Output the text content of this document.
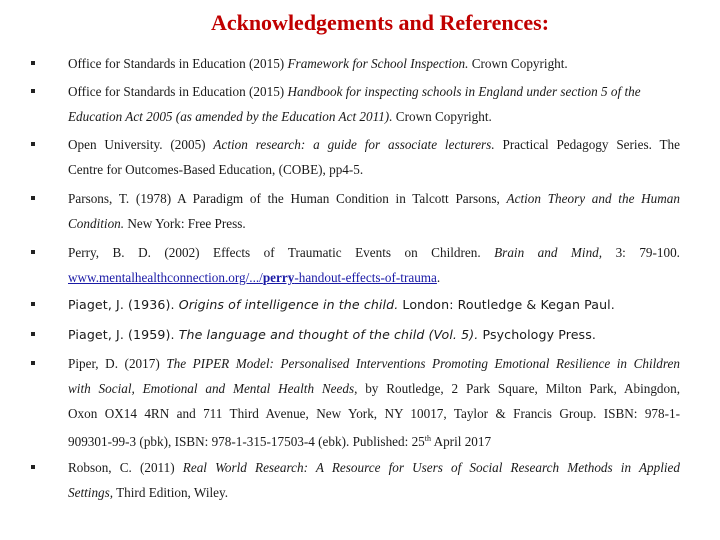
Acknowledgements and References:
Office for Standards in Education (2015) Framework for School Inspection. Crown Copyright.
Office for Standards in Education (2015) Handbook for inspecting schools in England under section 5 of the
Education Act 2005 (as amended by the Education Act 2011). Crown Copyright.
Open University. (2005) Action research: a guide for associate lecturers. Practical Pedagogy Series. The
Centre for Outcomes-Based Education, (COBE), pp4-5.
Parsons, T. (1978) A Paradigm of the Human Condition in Talcott Parsons, Action Theory and the Human
Condition. New York: Free Press.
Perry, B. D. (2002) Effects of Traumatic Events on Children. Brain and Mind, 3: 79-100.
www.mentalhealthconnection.org/.../perry-handout-effects-of-trauma.
Piaget, J. (1936). Origins of intelligence in the child. London: Routledge & Kegan Paul.
Piaget, J. (1959). The language and thought of the child (Vol. 5). Psychology Press.
Piper, D. (2017) The PIPER Model: Personalised Interventions Promoting Emotional Resilience in Children
with Social, Emotional and Mental Health Needs, by Routledge, 2 Park Square, Milton Park, Abingdon,
Oxon OX14 4RN and 711 Third Avenue, New York, NY 10017, Taylor & Francis Group. ISBN: 978-1-
909301-99-3 (pbk), ISBN: 978-1-315-17503-4 (ebk). Published: 25th April 2017
Robson, C. (2011) Real World Research: A Resource for Users of Social Research Methods in Applied
Settings, Third Edition, Wiley.
